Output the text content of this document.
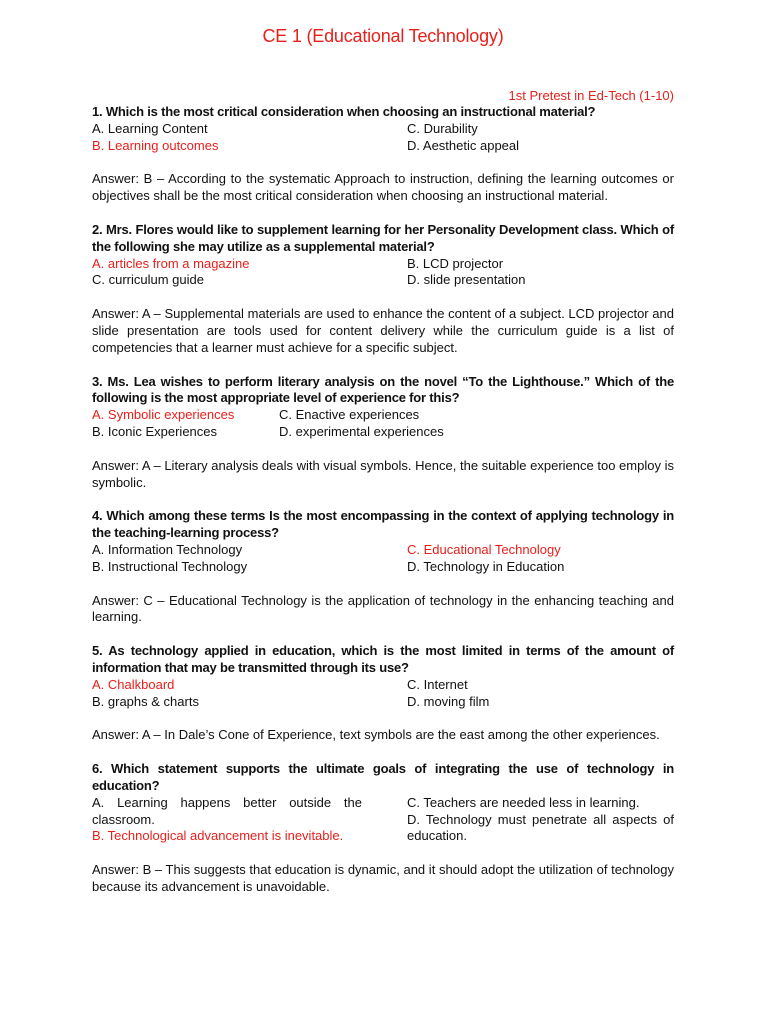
CE 1 (Educational Technology)
1st Pretest in Ed-Tech (1-10)
1. Which is the most critical consideration when choosing an instructional material?
A. Learning Content	C. Durability
B. Learning outcomes	D. Aesthetic appeal
Answer: B – According to the systematic Approach to instruction, defining the learning outcomes or objectives shall be the most critical consideration when choosing an instructional material.
2. Mrs. Flores would like to supplement learning for her Personality Development class. Which of the following she may utilize as a supplemental material?
A. articles from a magazine	B. LCD projector
C. curriculum guide	D. slide presentation
Answer: A – Supplemental materials are used to enhance the content of a subject. LCD projector and slide presentation are tools used for content delivery while the curriculum guide is a list of competencies that a learner must achieve for a specific subject.
3. Ms. Lea wishes to perform literary analysis on the novel “To the Lighthouse.” Which of the following is the most appropriate level of experience for this?
A. Symbolic experiences	C. Enactive experiences
B. Iconic Experiences	D. experimental experiences
Answer: A – Literary analysis deals with visual symbols. Hence, the suitable experience too employ is symbolic.
4. Which among these terms Is the most encompassing in the context of applying technology in the teaching-learning process?
A. Information Technology	C. Educational Technology
B. Instructional Technology	D. Technology in Education
Answer: C – Educational Technology is the application of technology in the enhancing teaching and learning.
5. As technology applied in education, which is the most limited in terms of the amount of information that may be transmitted through its use?
A. Chalkboard	C. Internet
B. graphs & charts	D. moving film
Answer: A – In Dale’s Cone of Experience, text symbols are the east among the other experiences.
6. Which statement supports the ultimate goals of integrating the use of technology in education?
A. Learning happens better outside the classroom.
B. Technological advancement is inevitable.
C. Teachers are needed less in learning.
D. Technology must penetrate all aspects of education.
Answer: B – This suggests that education is dynamic, and it should adopt the utilization of technology because its advancement is unavoidable.
